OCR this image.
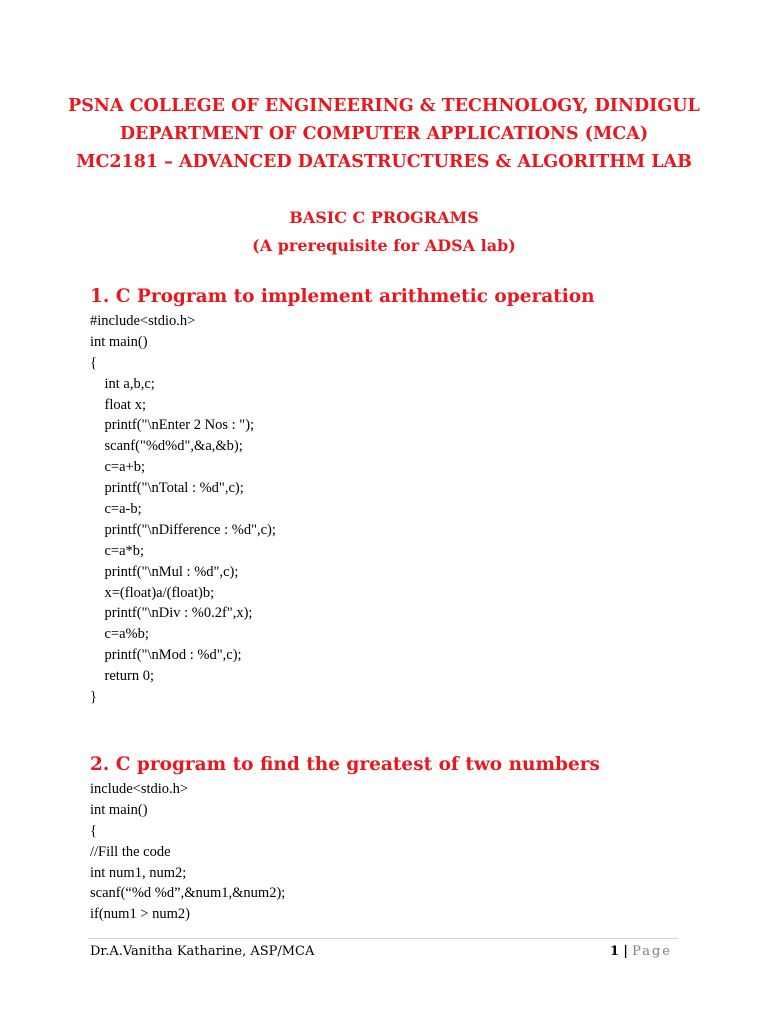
PSNA COLLEGE OF ENGINEERING & TECHNOLOGY, DINDIGUL
DEPARTMENT OF COMPUTER APPLICATIONS (MCA)
MC2181 – ADVANCED DATASTRUCTURES & ALGORITHM LAB
BASIC C PROGRAMS
(A prerequisite for ADSA lab)
1. C Program to implement arithmetic operation
#include<stdio.h>
int main()
{
int a,b,c;
float x;
printf("\nEnter 2 Nos : ");
scanf("%d%d",&a,&b);
c=a+b;
printf("\nTotal : %d",c);
c=a-b;
printf("\nDifference : %d",c);
c=a*b;
printf("\nMul : %d",c);
x=(float)a/(float)b;
printf("\nDiv : %0.2f",x);
c=a%b;
printf("\nMod : %d",c);
return 0;
}
2. C program to find the greatest of two numbers
include<stdio.h>
int main()
{
//Fill the code
int num1, num2;
scanf(“%d %d”,&num1,&num2);
if(num1 > num2)
Dr.A.Vanitha Katharine, ASP/MCA	1 | Page
